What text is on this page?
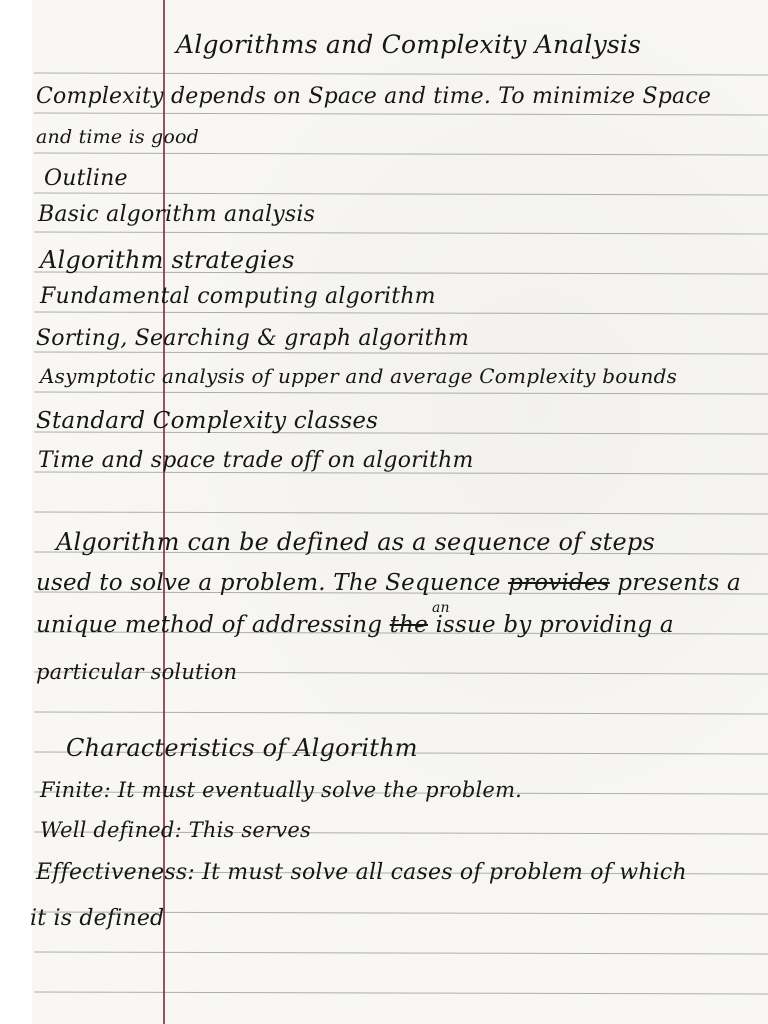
Algorithms and Complexity Analysis
Complexity depends on Space and time. To minimize Space
and time is good
Outline
Basic algorithm analysis
Algorithm strategies
Fundamental computing algorithm
Sorting, Searching & graph algorithm
Asymptotic analysis of upper and average Complexity bounds
Standard Complexity classes
Time and space trade off on algorithm
Algorithm can be defined as a sequence of steps
used to solve a problem. The Sequence provides presents a
unique method of addressing the issue by providing a
an
particular solution
Characteristics of Algorithm
Finite: It must eventually solve the problem.
Well defined: This serves
Effectiveness: It must solve all cases of problem of which
it is defined
